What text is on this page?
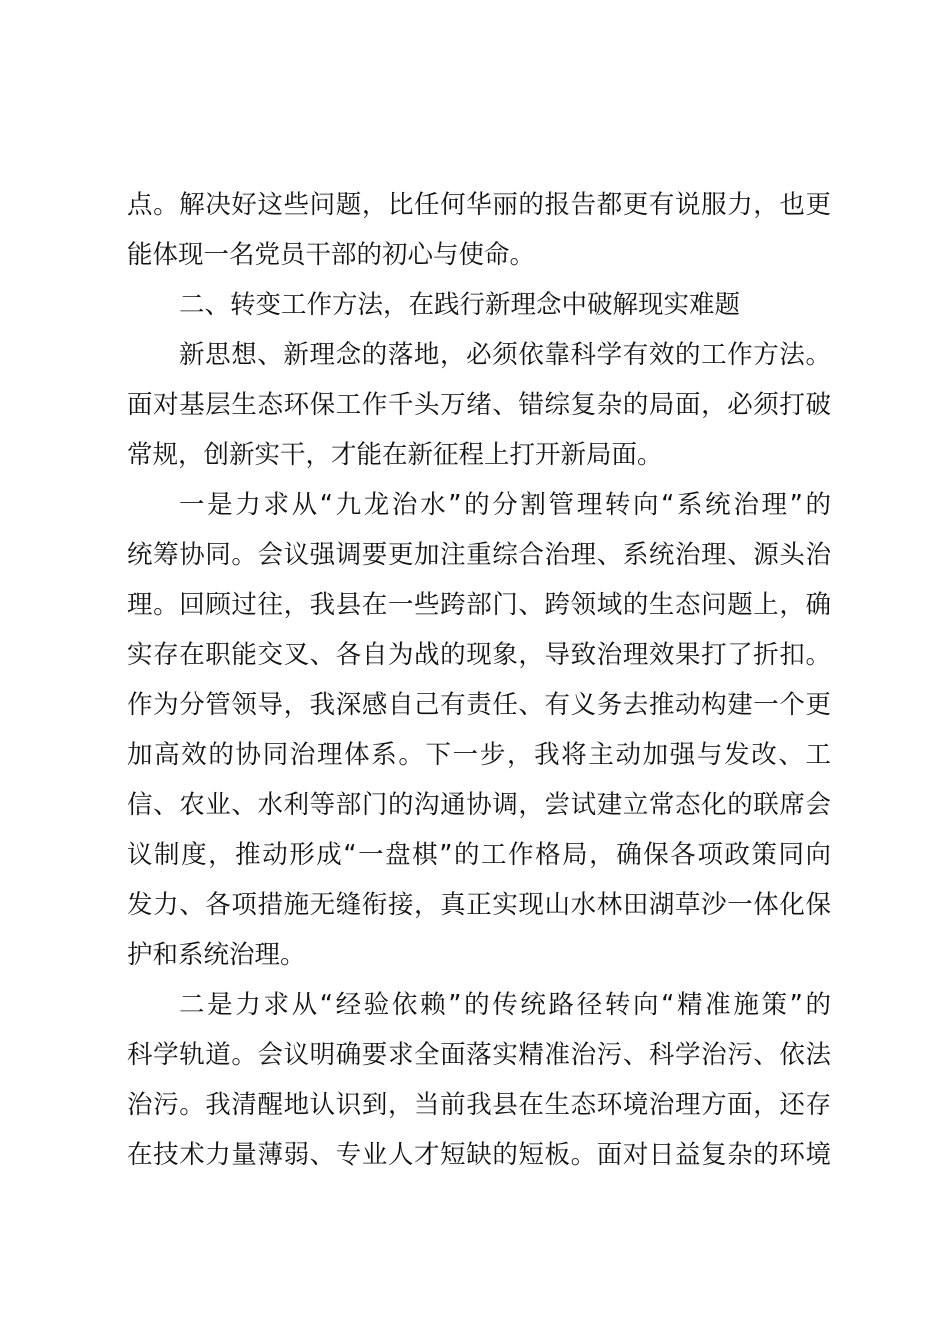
点。解决好这些问题，比任何华丽的报告都更有说服力，也更
能体现一名党员干部的初心与使命。
二、转变工作方法，在践行新理念中破解现实难题
新思想、新理念的落地，必须依靠科学有效的工作方法。
面对基层生态环保工作千头万绪、错综复杂的局面，必须打破
常规，创新实干，才能在新征程上打开新局面。
一是力求从“九龙治水”的分割管理转向“系统治理”的
统筹协同。会议强调要更加注重综合治理、系统治理、源头治
理。回顾过往，我县在一些跨部门、跨领域的生态问题上，确
实存在职能交叉、各自为战的现象，导致治理效果打了折扣。
作为分管领导，我深感自己有责任、有义务去推动构建一个更
加高效的协同治理体系。下一步，我将主动加强与发改、工
信、农业、水利等部门的沟通协调，尝试建立常态化的联席会
议制度，推动形成“一盘棋”的工作格局，确保各项政策同向
发力、各项措施无缝衔接，真正实现山水林田湖草沙一体化保
护和系统治理。
二是力求从“经验依赖”的传统路径转向“精准施策”的
科学轨道。会议明确要求全面落实精准治污、科学治污、依法
治污。我清醒地认识到，当前我县在生态环境治理方面，还存
在技术力量薄弱、专业人才短缺的短板。面对日益复杂的环境
